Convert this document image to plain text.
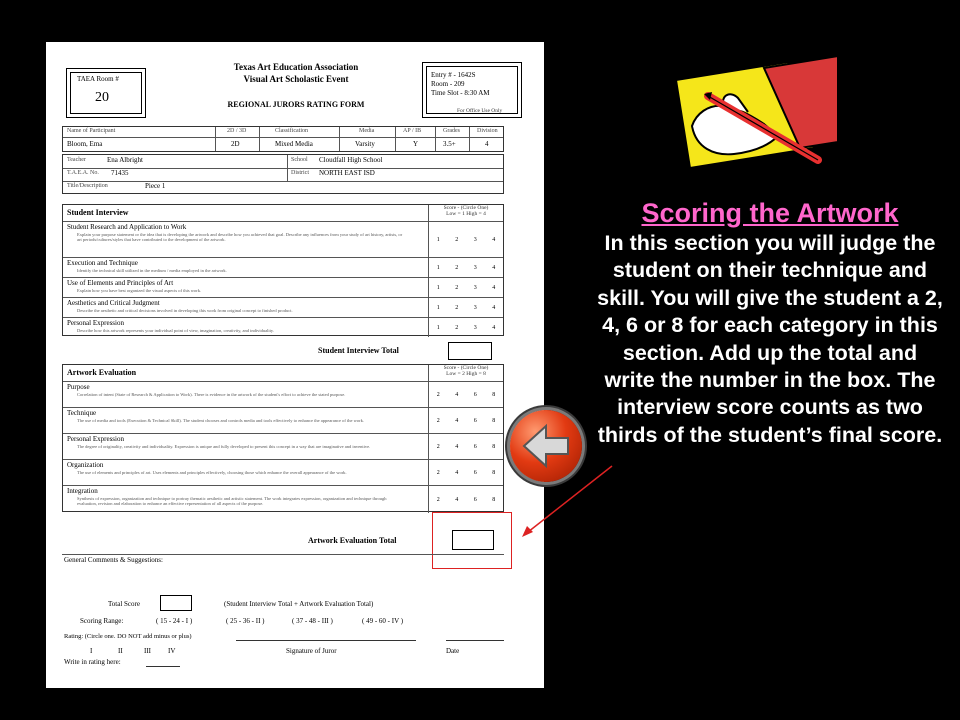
TAEA Room #
20
Texas Art Education Association
Visual Art Scholastic Event
REGIONAL JURORS RATING FORM
Entry # - 1642S
Room - 209
Time Slot - 8:30 AM
For Office Use Only
Name of Participant	2D / 3D	Classification	Media	AP / IB	Grades	Division
Bloom, Ema	2D	Mixed Media	Varsity	Y	3.5+	4
Teacher	Ena Albright	School Cloudfall High School
T.A.E.A. No. 71435	District NORTH EAST ISD
Title/Description	Piece 1
Student Interview	Score - (Circle One)
Low = 1 High = 4
Student Research and Application to Work
Explain your purpose statement or the idea that is developing the artwork and describe how you achieved that goal. Describe any influences from your study of art history, artists, or art periods/cultures/styles that have contributed to the development of the artwork.	1	2	3	4
Execution and Technique
Identify the technical skill utilized in the medium / media employed in the artwork.	1	2	3	4
Use of Elements and Principles of Art
Explain how you have best organized the visual aspects of this work.	1	2	3	4
Aesthetics and Critical Judgment
Describe the aesthetic and critical decisions involved in developing this work from original concept to finished product.	1	2	3	4
Personal Expression
Describe how this artwork represents your individual point of view, imagination, creativity, and individuality.	1	2	3	4
Student Interview Total
Artwork Evaluation	Score - (Circle One)
Low = 2 High = 8
Purpose
Correlation of intent (State of Research & Application to Work). There is evidence in the artwork of the student's effort to achieve the stated purpose.	2	4	6	8
Technique
The use of media and tools (Execution & Technical Skill). The student chooses and controls media and tools effectively to enhance the appearance of the work.	2	4	6	8
Personal Expression
The degree of originality, creativity and individuality. Expression is unique and fully developed to present this concept in a way that are imaginative and inventive.	2	4	6	8
Organization
The use of elements and principles of art. Uses elements and principles effectively, choosing those which enhance the overall appearance of the work.	2	4	6	8
Integration
Synthesis of expression, organization and technique to portray thematic aesthetic and artistic statement. The work integrates expression, organization and technique through evaluation, revision and elaboration to enhance an effective representation of all aspects of the purpose.
2	4	6	8
Artwork Evaluation Total
General Comments & Suggestions:
Total Score	(Student Interview Total + Artwork Evaluation Total)
Scoring Range:	( 15 - 24 - I )	( 25 - 36 - II )	( 37 - 48 - III )	( 49 - 60 - IV )
Rating: (Circle one. DO NOT add minus or plus)
I	II	III IV	Signature of Juror	Date
Write in rating here:
Scoring the Artwork
In this section you will judge the student on their technique and skill. You will give the student a 2, 4, 6 or 8 for each category in this section. Add up the total and write the number in the box. The interview score counts as two thirds of the student’s final score.
